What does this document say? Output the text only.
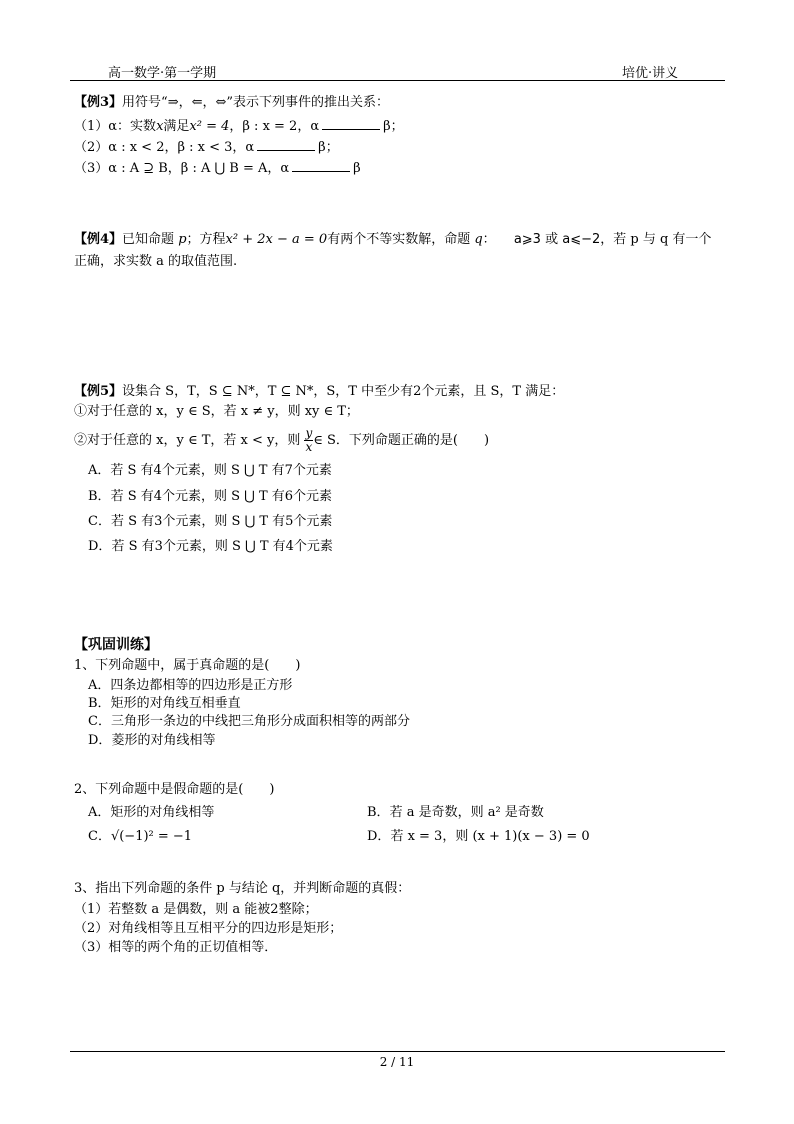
高一数学·第一学期	培优·讲义
【例3】用符号“⇒，⇐，⇔”表示下列事件的推出关系：
（1）α：实数x满足x² = 4，β : x = 2，α	β；
（2）α : x < 2，β : x < 3，α	β；
（3）α : A ⊇ B，β : A ⋃ B = A，α	β
【例4】已知命题 p；方程x² + 2x − a = 0有两个不等实数解，命题 q： a⩾3 或 a⩽−2，若 p 与 q 有一个
正确，求实数 a 的取值范围.
【例5】设集合 S，T，S ⊆ N*，T ⊆ N*，S，T 中至少有2个元素，且 S，T 满足：
①对于任意的 x，y ∈ S，若 x ≠ y，则 xy ∈ T；
②对于任意的 x，y ∈ T，若 x < y，则 $\frac{y}{x}$ ∈ S．下列命题正确的是(　　)
A．若 S 有4个元素，则 S ⋃ T 有7个元素
B．若 S 有4个元素，则 S ⋃ T 有6个元素
C．若 S 有3个元素，则 S ⋃ T 有5个元素
D．若 S 有3个元素，则 S ⋃ T 有4个元素
【巩固训练】
1、下列命题中，属于真命题的是(　　)
A．四条边都相等的四边形是正方形
B．矩形的对角线互相垂直
C．三角形一条边的中线把三角形分成面积相等的两部分
D．菱形的对角线相等
2、下列命题中是假命题的是(　　)
A．矩形的对角线相等	B．若 a 是奇数，则 a² 是奇数
C．√(−1)² = −1	D．若 x = 3，则 (x + 1)(x − 3) = 0
3、指出下列命题的条件 p 与结论 q，并判断命题的真假：
（1）若整数 a 是偶数，则 a 能被2整除；
（2）对角线相等且互相平分的四边形是矩形；
（3）相等的两个角的正切值相等．
2 / 11
